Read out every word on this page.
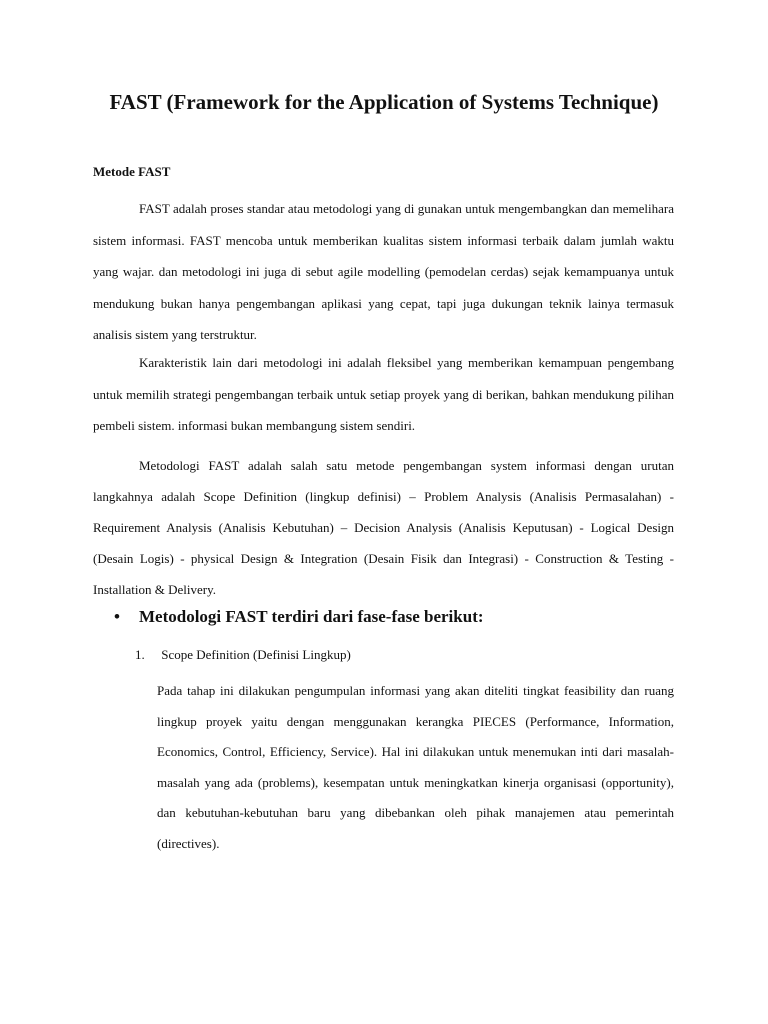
FAST (Framework for the Application of Systems Technique)

Metode FAST

FAST adalah proses standar atau metodologi yang di gunakan untuk mengembangkan dan memelihara sistem informasi. FAST mencoba untuk memberikan kualitas sistem informasi terbaik dalam jumlah waktu yang wajar. dan metodologi ini juga di sebut agile modelling (pemodelan cerdas) sejak kemampuanya untuk mendukung bukan hanya pengembangan aplikasi yang cepat, tapi juga dukungan teknik lainya termasuk analisis sistem yang terstruktur.

Karakteristik lain dari metodologi ini adalah fleksibel yang memberikan kemampuan pengembang untuk memilih strategi pengembangan terbaik untuk setiap proyek yang di berikan, bahkan mendukung pilihan pembeli sistem. informasi bukan membangung sistem sendiri.

Metodologi FAST adalah salah satu metode pengembangan system informasi dengan urutan langkahnya adalah Scope Definition (lingkup definisi) – Problem Analysis (Analisis Permasalahan) - Requirement Analysis (Analisis Kebutuhan) – Decision Analysis (Analisis Keputusan) - Logical Design (Desain Logis) - physical Design & Integration (Desain Fisik dan Integrasi) - Construction & Testing - Installation & Delivery.

•	Metodologi FAST terdiri dari fase-fase berikut:
1. Scope Definition (Definisi Lingkup)

Pada tahap ini dilakukan pengumpulan informasi yang akan diteliti tingkat feasibility dan ruang lingkup proyek yaitu dengan menggunakan kerangka PIECES (Performance, Information, Economics, Control, Efficiency, Service). Hal ini dilakukan untuk menemukan inti dari masalah-masalah yang ada (problems), kesempatan untuk meningkatkan kinerja organisasi (opportunity), dan kebutuhan-kebutuhan baru yang dibebankan oleh pihak manajemen atau pemerintah (directives).
